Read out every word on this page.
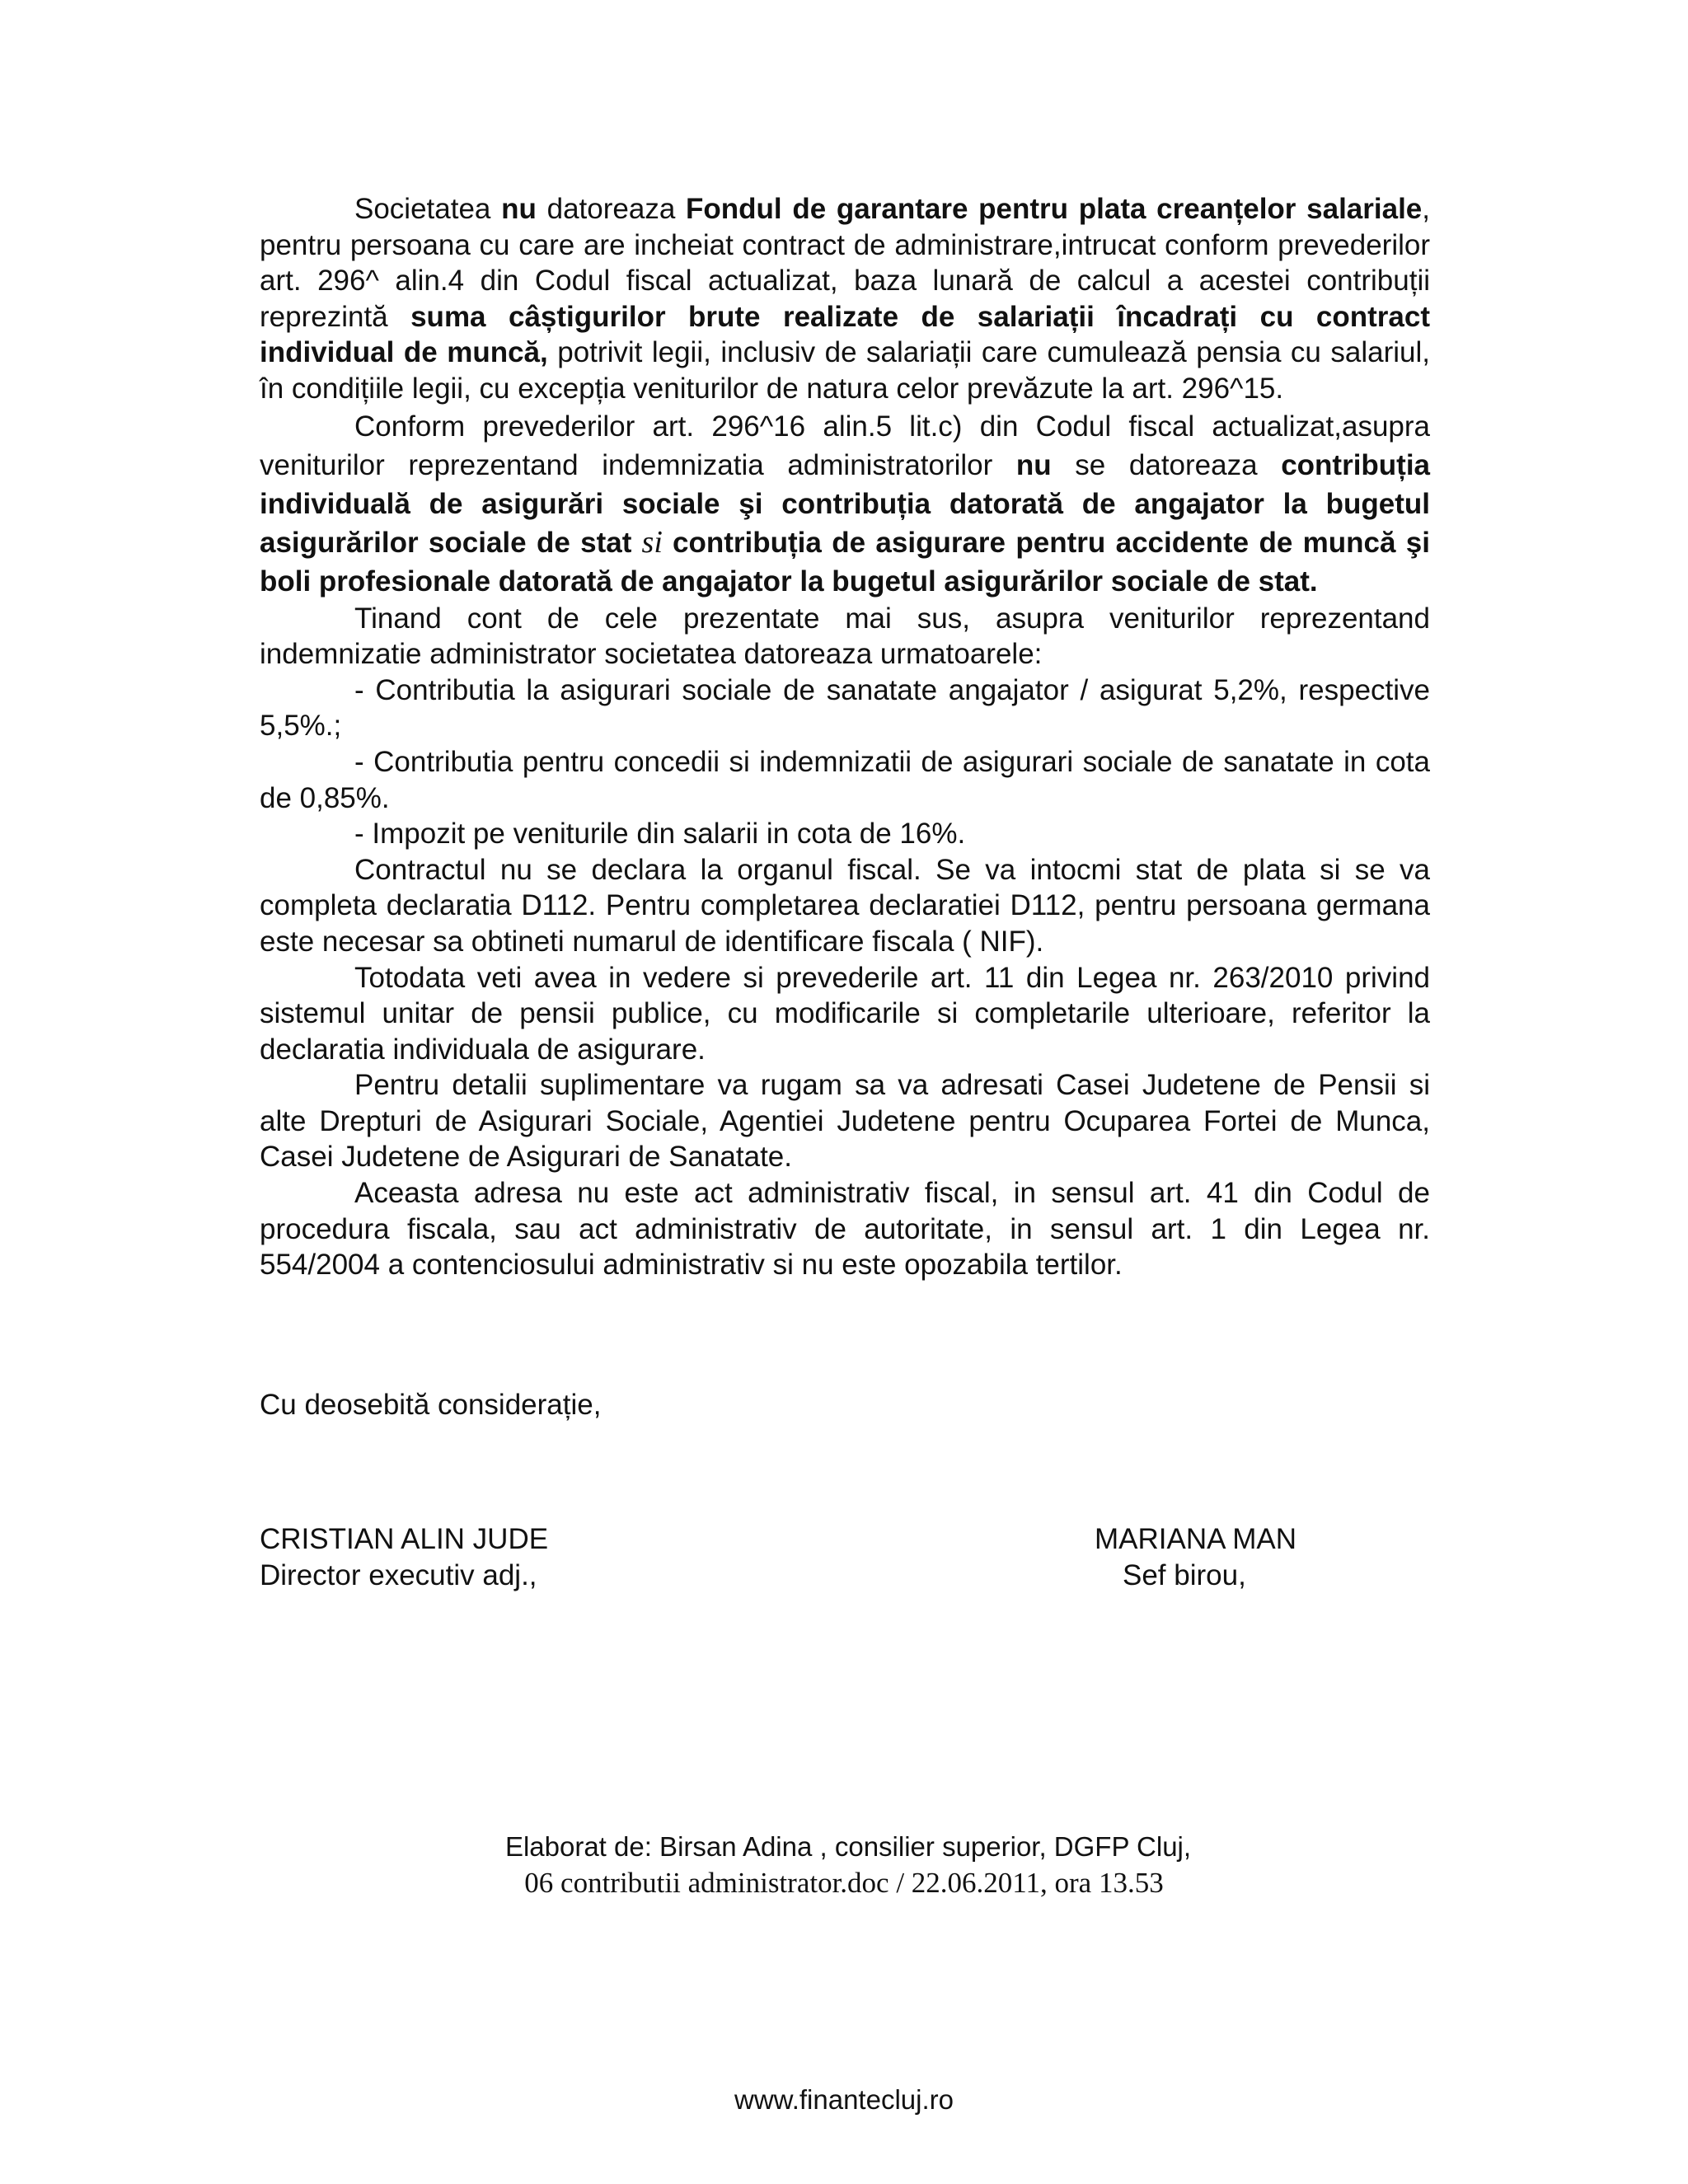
Societatea nu datoreaza Fondul de garantare pentru plata creanțelor salariale, pentru persoana cu care are incheiat contract de administrare,intrucat conform prevederilor art. 296^ alin.4 din Codul fiscal actualizat, baza lunară de calcul a acestei contribuții reprezintă suma câștigurilor brute realizate de salariații încadrați cu contract individual de muncă, potrivit legii, inclusiv de salariații care cumulează pensia cu salariul, în condițiile legii, cu excepția veniturilor de natura celor prevăzute la art. 296^15.

Conform prevederilor art. 296^16 alin.5 lit.c) din Codul fiscal actualizat,asupra veniturilor reprezentand indemnizatia administratorilor nu se datoreaza contribuția individuală de asigurări sociale şi contribuția datorată de angajator la bugetul asigurărilor sociale de stat si contribuția de asigurare pentru accidente de muncă şi boli profesionale datorată de angajator la bugetul asigurărilor sociale de stat.

Tinand cont de cele prezentate mai sus, asupra veniturilor reprezentand indemnizatie administrator societatea datoreaza urmatoarele:

- Contributia la asigurari sociale de sanatate angajator / asigurat 5,2%, respective 5,5%.;

- Contributia pentru concedii si indemnizatii de asigurari sociale de sanatate in cota de 0,85%.

- Impozit pe veniturile din salarii in cota de 16%.

Contractul nu se declara la organul fiscal. Se va intocmi stat de plata si se va completa declaratia D112. Pentru completarea declaratiei D112, pentru persoana germana este necesar sa obtineti numarul de identificare fiscala ( NIF).

Totodata veti avea in vedere si prevederile art. 11 din Legea nr. 263/2010 privind sistemul unitar de pensii publice, cu modificarile si completarile ulterioare, referitor la declaratia individuala de asigurare.

Pentru detalii suplimentare va rugam sa va adresati Casei Judetene de Pensii si alte Drepturi de Asigurari Sociale, Agentiei Judetene pentru Ocuparea Fortei de Munca, Casei Judetene de Asigurari de Sanatate.

Aceasta adresa nu este act administrativ fiscal, in sensul art. 41 din Codul de procedura fiscala, sau act administrativ de autoritate, in sensul art. 1 din Legea nr. 554/2004 a contenciosului administrativ si nu este opozabila tertilor.

Cu deosebită considerație,
CRISTIAN ALIN JUDE
Director executiv adj.,
MARIANA MAN
Sef birou,
Elaborat de: Birsan Adina , consilier superior, DGFP Cluj,
06 contributii administrator.doc / 22.06.2011, ora 13.53
www.finantecluj.ro
